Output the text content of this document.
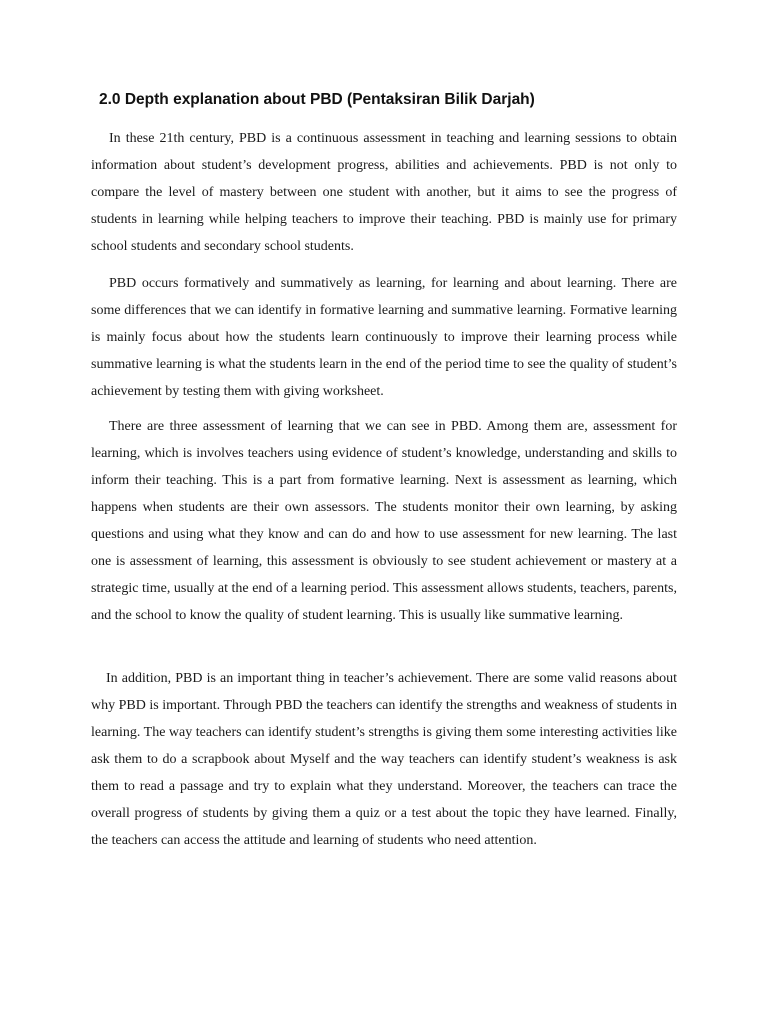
2.0 Depth explanation about PBD (Pentaksiran Bilik Darjah)

In these 21th century, PBD is a continuous assessment in teaching and learning sessions to obtain information about student’s development progress, abilities and achievements. PBD is not only to compare the level of mastery between one student with another, but it aims to see the progress of students in learning while helping teachers to improve their teaching. PBD is mainly use for primary school students and secondary school students.

PBD occurs formatively and summatively as learning, for learning and about learning. There are some differences that we can identify in formative learning and summative learning. Formative learning is mainly focus about how the students learn continuously to improve their learning process while summative learning is what the students learn in the end of the period time to see the quality of student’s achievement by testing them with giving worksheet.

There are three assessment of learning that we can see in PBD. Among them are, assessment for learning, which is involves teachers using evidence of student’s knowledge, understanding and skills to inform their teaching. This is a part from formative learning. Next is assessment as learning, which happens when students are their own assessors. The students monitor their own learning, by asking questions and using what they know and can do and how to use assessment for new learning. The last one is assessment of learning, this assessment is obviously to see student achievement or mastery at a strategic time, usually at the end of a learning period. This assessment allows students, teachers, parents, and the school to know the quality of student learning. This is usually like summative learning.

In addition, PBD is an important thing in teacher’s achievement. There are some valid reasons about why PBD is important. Through PBD the teachers can identify the strengths and weakness of students in learning. The way teachers can identify student’s strengths is giving them some interesting activities like ask them to do a scrapbook about Myself and the way teachers can identify student’s weakness is ask them to read a passage and try to explain what they understand. Moreover, the teachers can trace the overall progress of students by giving them a quiz or a test about the topic they have learned. Finally, the teachers can access the attitude and learning of students who need attention.
